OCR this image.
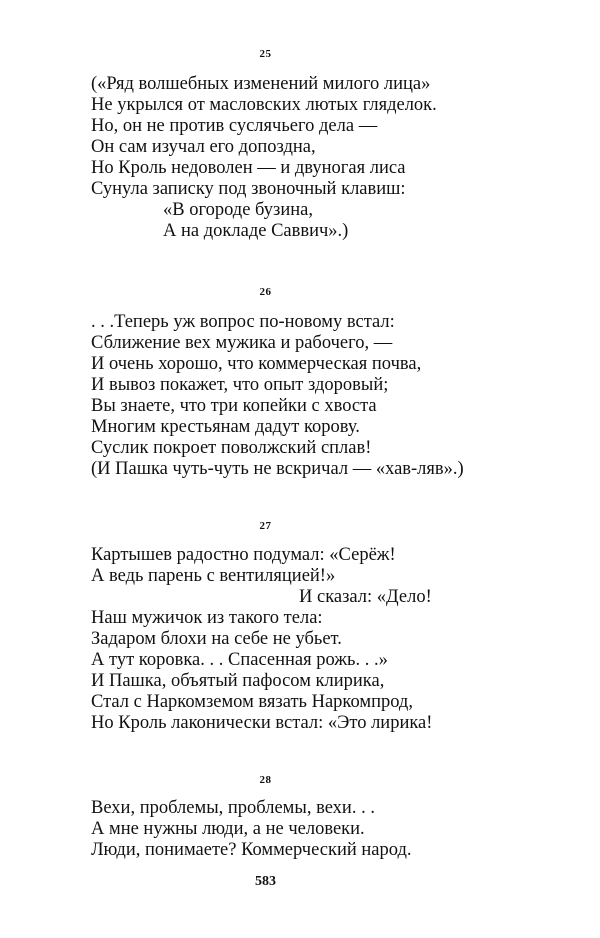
25
(«Ряд волшебных изменений милого лица»
Не укрылся от масловских лютых гляделок.
Но, он не против суслячьего дела —
Он сам изучал его допоздна,
Но Кроль недоволен — и двуногая лиса
Сунула записку под звоночный клавиш:
«В огороде бузина,
А на докладе Саввич».)
26
. . .Теперь уж вопрос по-новому встал:
Сближение вех мужика и рабочего, —
И очень хорошо, что коммерческая почва,
И вывоз покажет, что опыт здоровый;
Вы знаете, что три копейки с хвоста
Многим крестьянам дадут корову.
Суслик покроет поволжский сплав!
(И Пашка чуть-чуть не вскричал — «хав-ляв».)
27
Картышев радостно подумал: «Серёж!
А ведь парень с вентиляцией!»
И сказал: «Дело!
Наш мужичок из такого тела:
Задаром блохи на себе не убьет.
А тут коровка. . . Спасенная рожь. . .»
И Пашка, объятый пафосом клирика,
Стал с Наркомземом вязать Наркомпрод,
Но Кроль лаконически встал: «Это лирика!
28
Вехи, проблемы, проблемы, вехи. . .
А мне нужны люди, а не человеки.
Люди, понимаете? Коммерческий народ.
583
